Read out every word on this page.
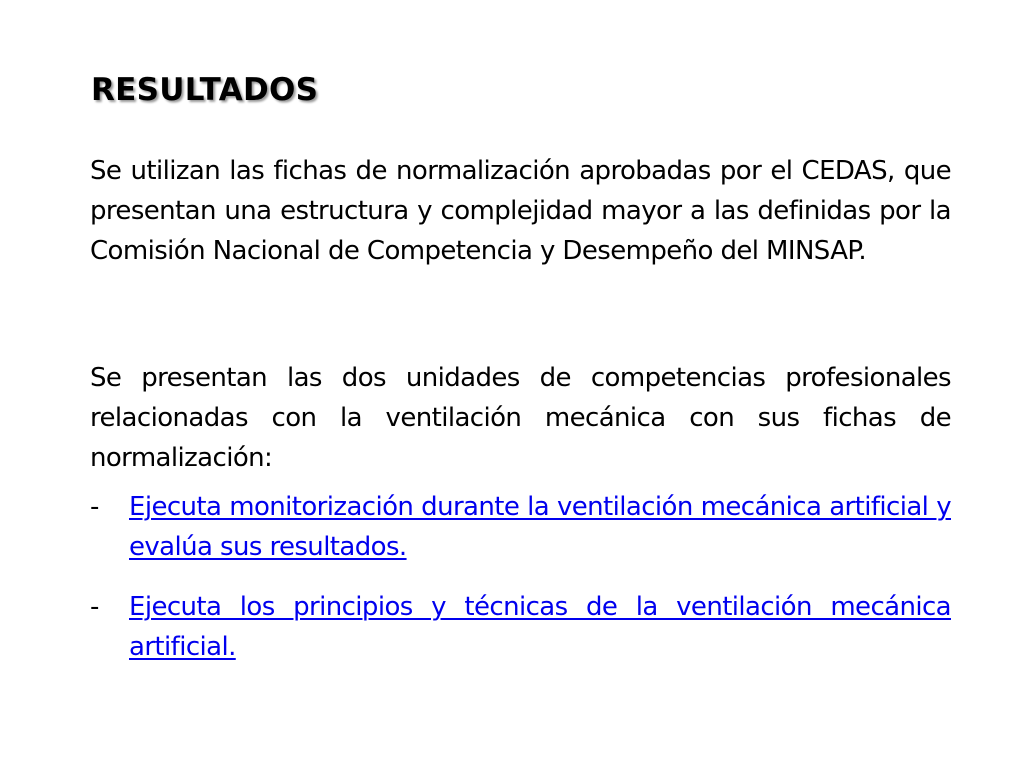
RESULTADOS

Se utilizan las fichas de normalización aprobadas por el CEDAS, que presentan una estructura y complejidad mayor a las definidas por la Comisión Nacional de Competencia y Desempeño del MINSAP.

Se presentan las dos unidades de competencias profesionales relacionadas con la ventilación mecánica con sus fichas de normalización:

- Ejecuta monitorización durante la ventilación mecánica artificial y evalúa sus resultados.
- Ejecuta los principios y técnicas de la ventilación mecánica artificial.
